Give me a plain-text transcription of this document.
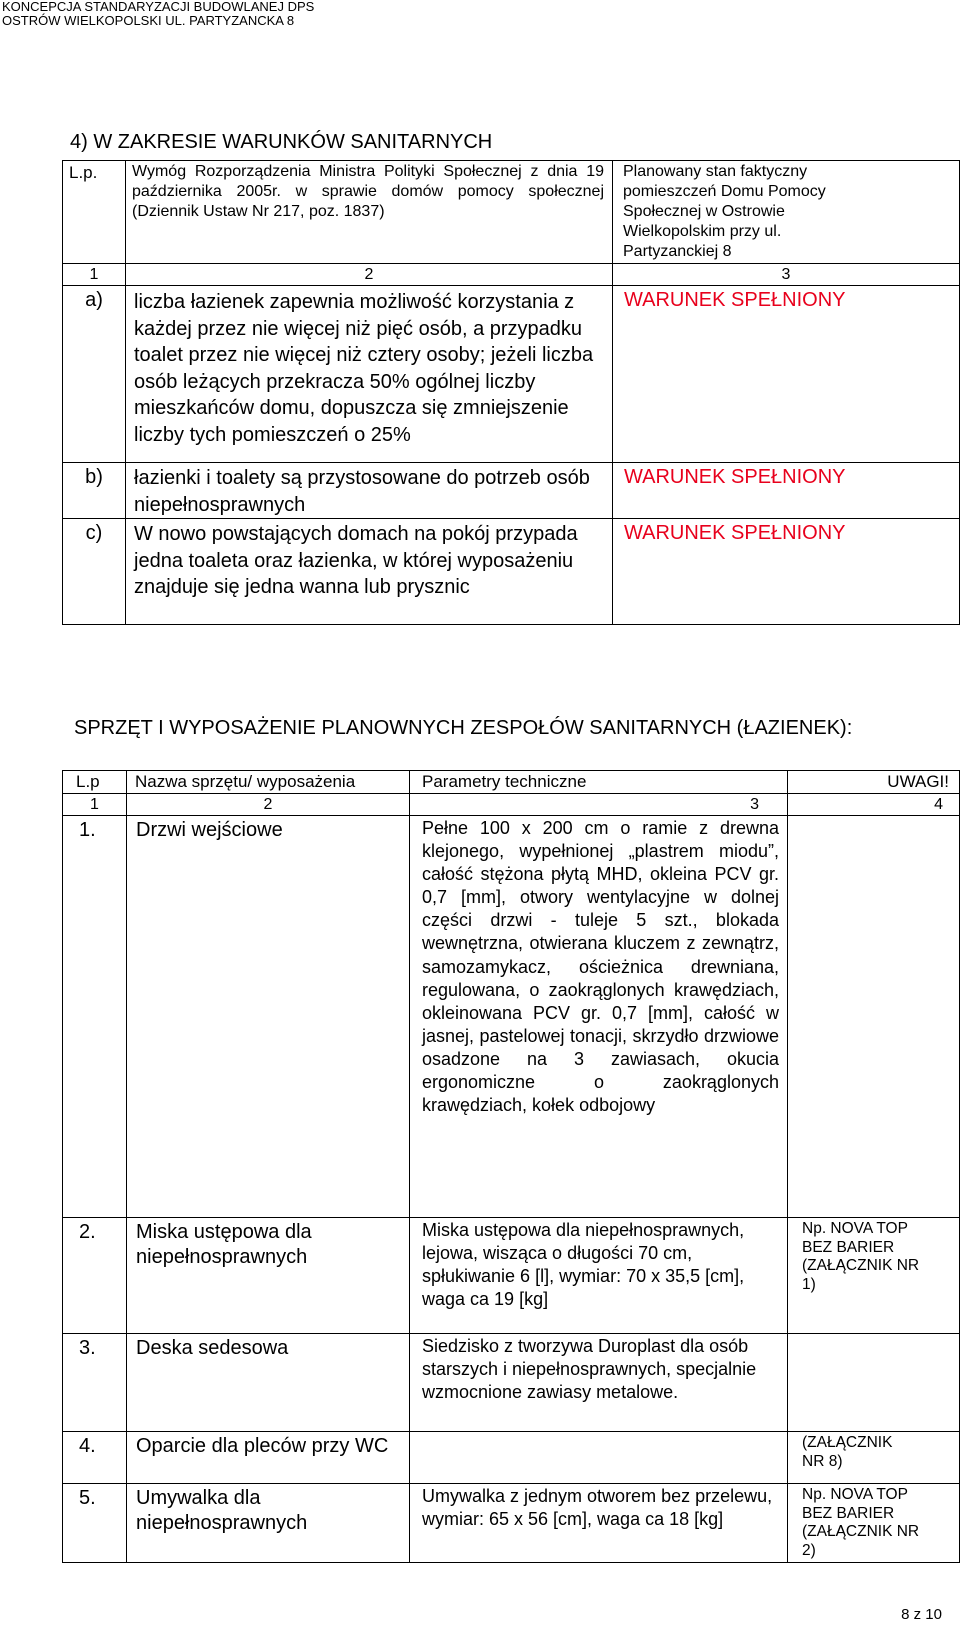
KONCEPCJA STANDARYZACJI BUDOWLANEJ DPS
OSTRÓW WIELKOPOLSKI UL. PARTYZANCKA 8
4) W ZAKRESIE WARUNKÓW SANITARNYCH
L.p.	Wymóg Rozporządzenia Ministra Polityki Społecznej z dnia 19 października 2005r. w sprawie domów pomocy społecznej (Dziennik Ustaw Nr 217, poz. 1837)	Planowany stan faktyczny pomieszczeń Domu Pomocy Społecznej w Ostrowie Wielkopolskim przy ul. Partyzanckiej 8
1	2	3
a)	liczba łazienek zapewnia możliwość korzystania z każdej przez nie więcej niż pięć osób, a przypadku toalet przez nie więcej niż cztery osoby; jeżeli liczba osób leżących przekracza 50% ogólnej liczby mieszkańców domu, dopuszcza się zmniejszenie liczby tych pomieszczeń o 25%	WARUNEK SPEŁNIONY
b)	łazienki i toalety są przystosowane do potrzeb osób niepełnosprawnych	WARUNEK SPEŁNIONY
c)	W nowo powstających domach na pokój przypada jedna toaleta oraz łazienka, w której wyposażeniu znajduje się jedna wanna lub prysznic	WARUNEK SPEŁNIONY
SPRZĘT I WYPOSAŻENIE PLANOWNYCH ZESPOŁÓW SANITARNYCH (ŁAZIENEK):
L.p	Nazwa sprzętu/ wyposażenia	Parametry techniczne	UWAGI!
1	2	3	4
1.	Drzwi wejściowe	Pełne 100 x 200 cm o ramie z drewna klejonego, wypełnionej „plastrem miodu”, całość stężona płytą MHD, okleina PCV gr. 0,7 [mm], otwory wentylacyjne w dolnej części drzwi - tuleje 5 szt., blokada wewnętrzna, otwierana kluczem z zewnątrz, samozamykacz, ościeżnica drewniana, regulowana, o zaokrąglonych krawędziach, okleinowana PCV gr. 0,7 [mm], całość w jasnej, pastelowej tonacji, skrzydło drzwiowe osadzone na 3 zawiasach, okucia ergonomiczne o zaokrąglonych krawędziach, kołek odbojowy	
2.	Miska ustępowa dla niepełnosprawnych	Miska ustępowa dla niepełnosprawnych, lejowa, wisząca o długości 70 cm, spłukiwanie 6 [l], wymiar: 70 x 35,5 [cm], waga ca 19 [kg]	Np. NOVA TOP BEZ BARIER (ZAŁĄCZNIK NR 1)
3.	Deska sedesowa	Siedzisko z tworzywa Duroplast dla osób starszych i niepełnosprawnych, specjalnie wzmocnione zawiasy metalowe.	
4.	Oparcie dla pleców przy WC		(ZAŁĄCZNIK NR 8)
5.	Umywalka dla niepełnosprawnych	Umywalka z jednym otworem bez przelewu, wymiar: 65 x 56 [cm], waga ca 18 [kg]	Np. NOVA TOP BEZ BARIER (ZAŁĄCZNIK NR 2)
8 z 10
